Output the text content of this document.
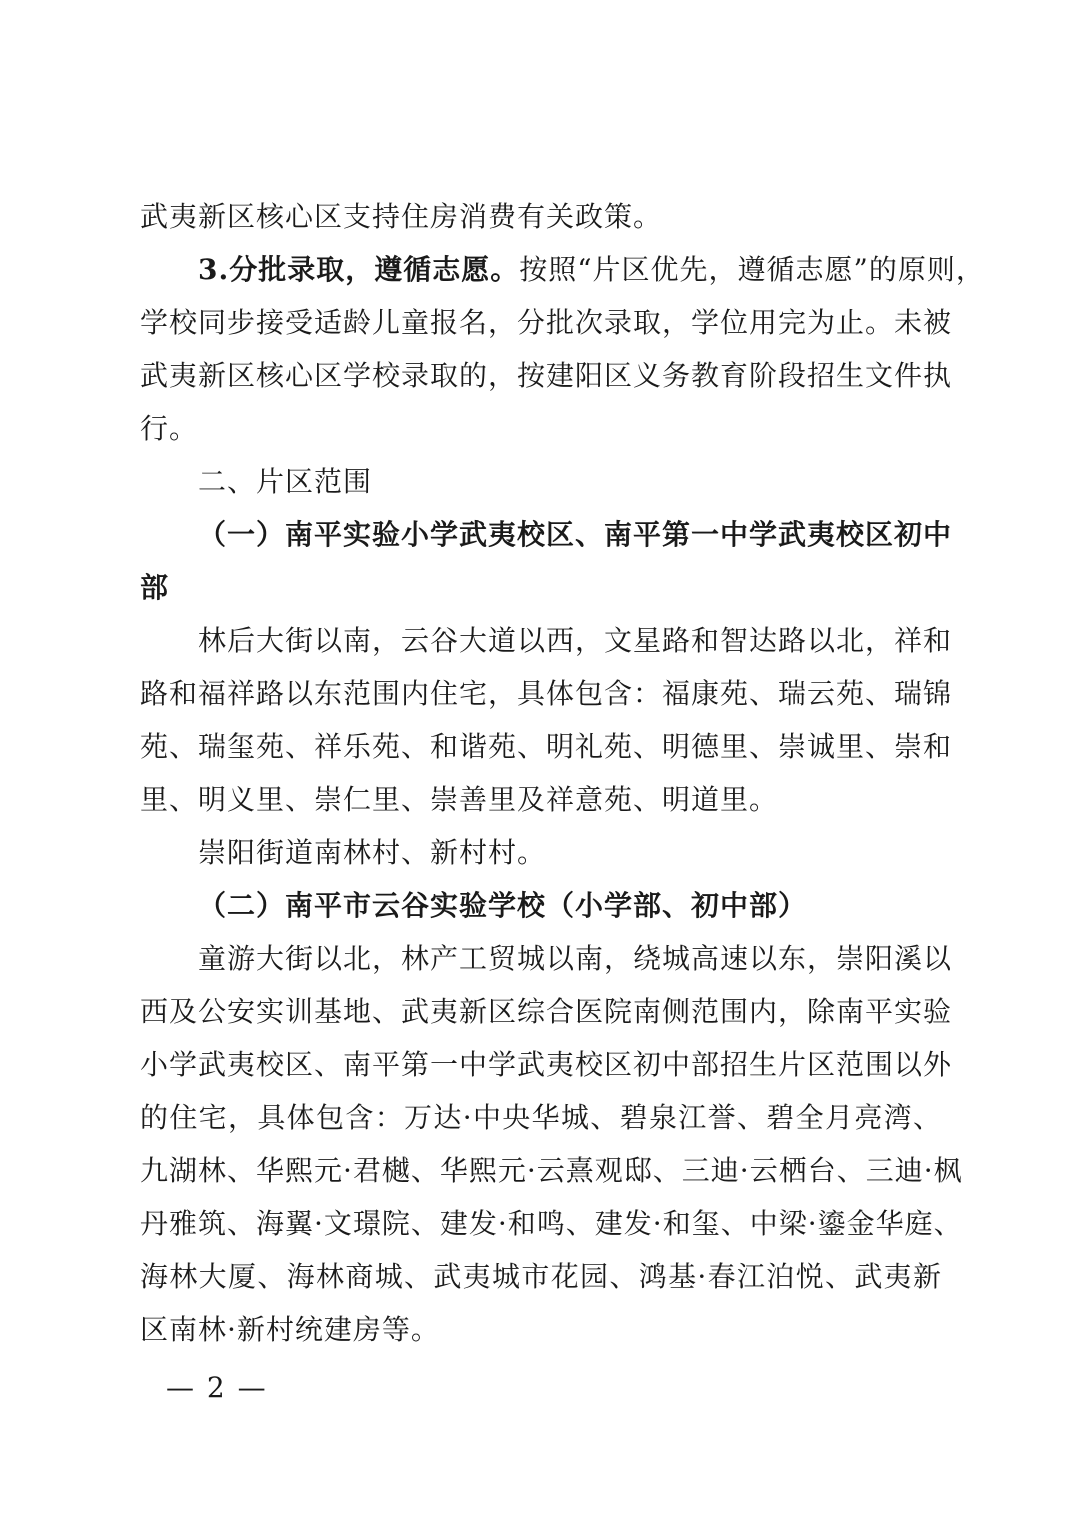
武夷新区核心区支持住房消费有关政策。
3.分批录取，遵循志愿。按照“片区优先，遵循志愿”的原则，
学校同步接受适龄儿童报名，分批次录取，学位用完为止。未被
武夷新区核心区学校录取的，按建阳区义务教育阶段招生文件执
行。
二、片区范围
（一）南平实验小学武夷校区、南平第一中学武夷校区初中
部
林后大街以南，云谷大道以西，文星路和智达路以北，祥和
路和福祥路以东范围内住宅，具体包含：福康苑、瑞云苑、瑞锦
苑、瑞玺苑、祥乐苑、和谐苑、明礼苑、明德里、崇诚里、崇和
里、明义里、崇仁里、崇善里及祥意苑、明道里。
崇阳街道南林村、新村村。
（二）南平市云谷实验学校（小学部、初中部）
童游大街以北，林产工贸城以南，绕城高速以东，崇阳溪以
西及公安实训基地、武夷新区综合医院南侧范围内，除南平实验
小学武夷校区、南平第一中学武夷校区初中部招生片区范围以外
的住宅，具体包含：万达·中央华城、碧泉江誉、碧全月亮湾、
九湖林、华熙元·君樾、华熙元·云熹观邸、三迪·云栖台、三迪·枫
丹雅筑、海翼·文璟院、建发·和鸣、建发·和玺、中梁·鎏金华庭、
海林大厦、海林商城、武夷城市花园、鸿基·春江泊悦、武夷新
区南林·新村统建房等。
— 2 —
